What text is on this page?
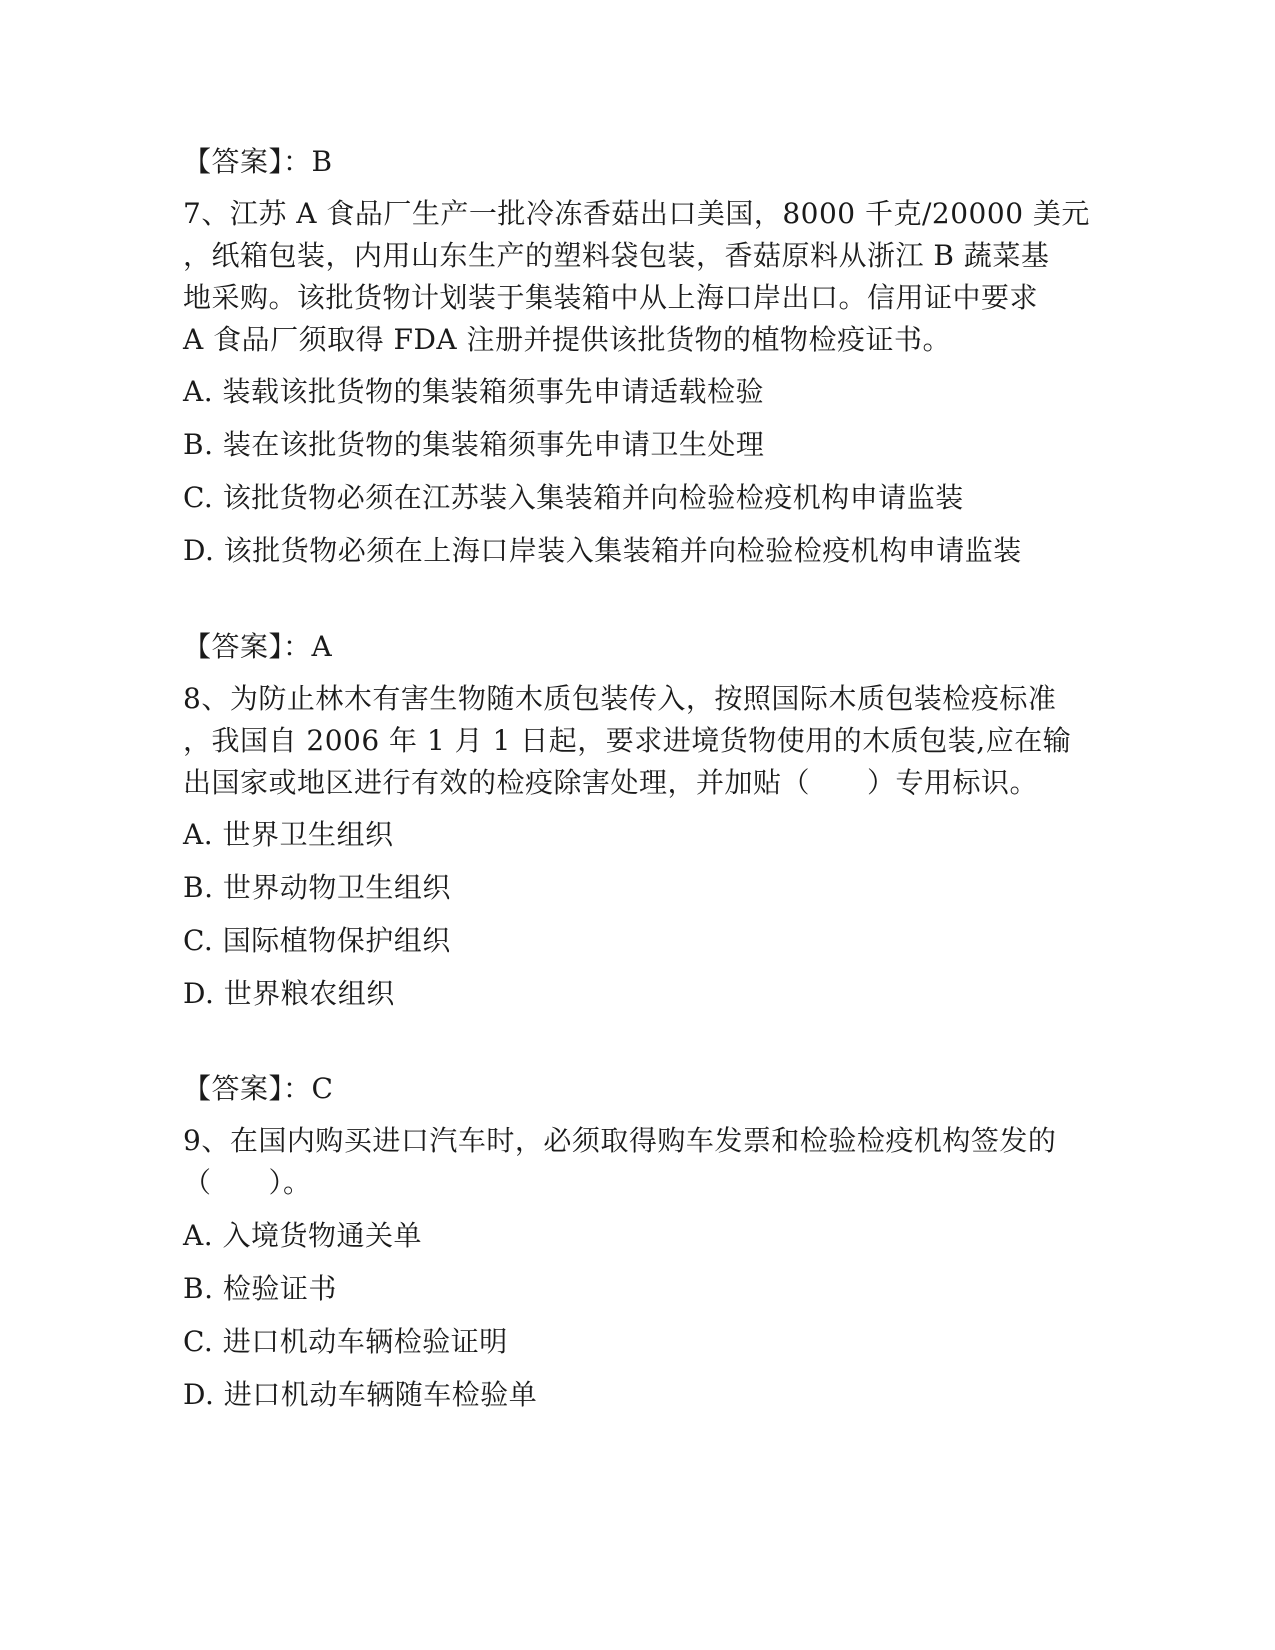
【答案】：B
7、江苏 A 食品厂生产一批冷冻香菇出口美国，8000 千克/20000 美元
，纸箱包装，内用山东生产的塑料袋包装，香菇原料从浙江 B 蔬菜基
地采购。该批货物计划装于集装箱中从上海口岸出口。信用证中要求
A 食品厂须取得 FDA 注册并提供该批货物的植物检疫证书。
A. 装载该批货物的集装箱须事先申请适载检验
B. 装在该批货物的集装箱须事先申请卫生处理
C. 该批货物必须在江苏装入集装箱并向检验检疫机构申请监装
D. 该批货物必须在上海口岸装入集装箱并向检验检疫机构申请监装
【答案】：A
8、为防止林木有害生物随木质包装传入，按照国际木质包装检疫标准
，我国自 2006 年 1 月 1 日起，要求进境货物使用的木质包装,应在输
出国家或地区进行有效的检疫除害处理，并加贴（　　）专用标识。
A. 世界卫生组织
B. 世界动物卫生组织
C. 国际植物保护组织
D. 世界粮农组织
【答案】：C
9、在国内购买进口汽车时，必须取得购车发票和检验检疫机构签发的
（　　）。
A. 入境货物通关单
B. 检验证书
C. 进口机动车辆检验证明
D. 进口机动车辆随车检验单
